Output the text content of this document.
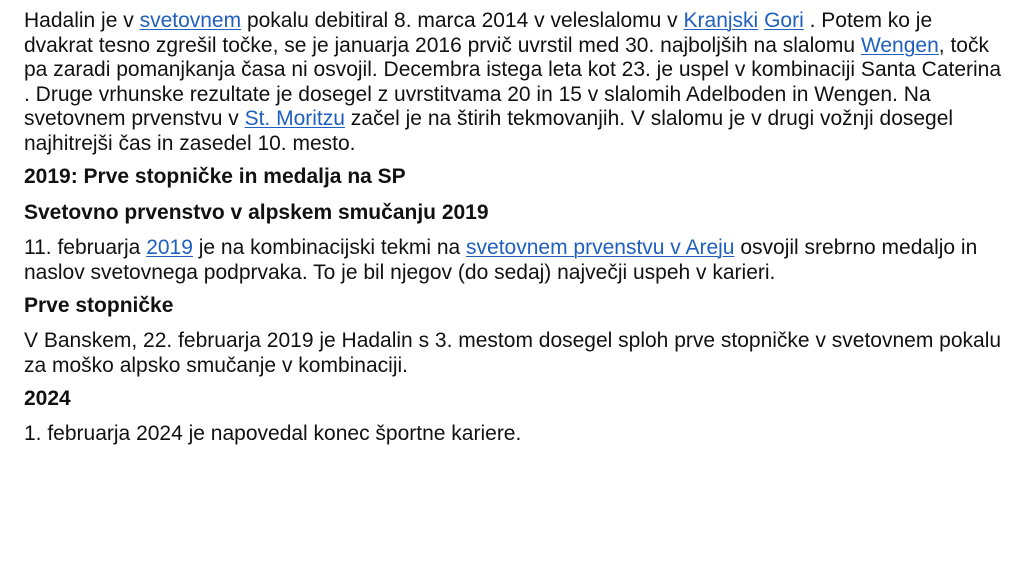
Hadalin je v svetovnem pokalu debitiral 8. marca 2014 v veleslalomu v Kranjski Gori . Potem ko je dvakrat tesno zgrešil točke, se je januarja 2016 prvič uvrstil med 30. najboljših na slalomu Wengen, točk pa zaradi pomanjkanja časa ni osvojil. Decembra istega leta kot 23. je uspel v kombinaciji Santa Caterina . Druge vrhunske rezultate je dosegel z uvrstitvama 20 in 15 v slalomih Adelboden in Wengen. Na svetovnem prvenstvu v St. Moritzu začel je na štirih tekmovanjih. V slalomu je v drugi vožnji dosegel najhitrejši čas in zasedel 10. mesto.

2019: Prve stopničke in medalja na SP

Svetovno prvenstvo v alpskem smučanju 2019

11. februarja 2019 je na kombinacijski tekmi na svetovnem prvenstvu v Areju osvojil srebrno medaljo in naslov svetovnega podprvaka. To je bil njegov (do sedaj) največji uspeh v karieri.

Prve stopničke

V Banskem, 22. februarja 2019 je Hadalin s 3. mestom dosegel sploh prve stopničke v svetovnem pokalu za moško alpsko smučanje v kombinaciji.

2024

1. februarja 2024 je napovedal konec športne kariere.
